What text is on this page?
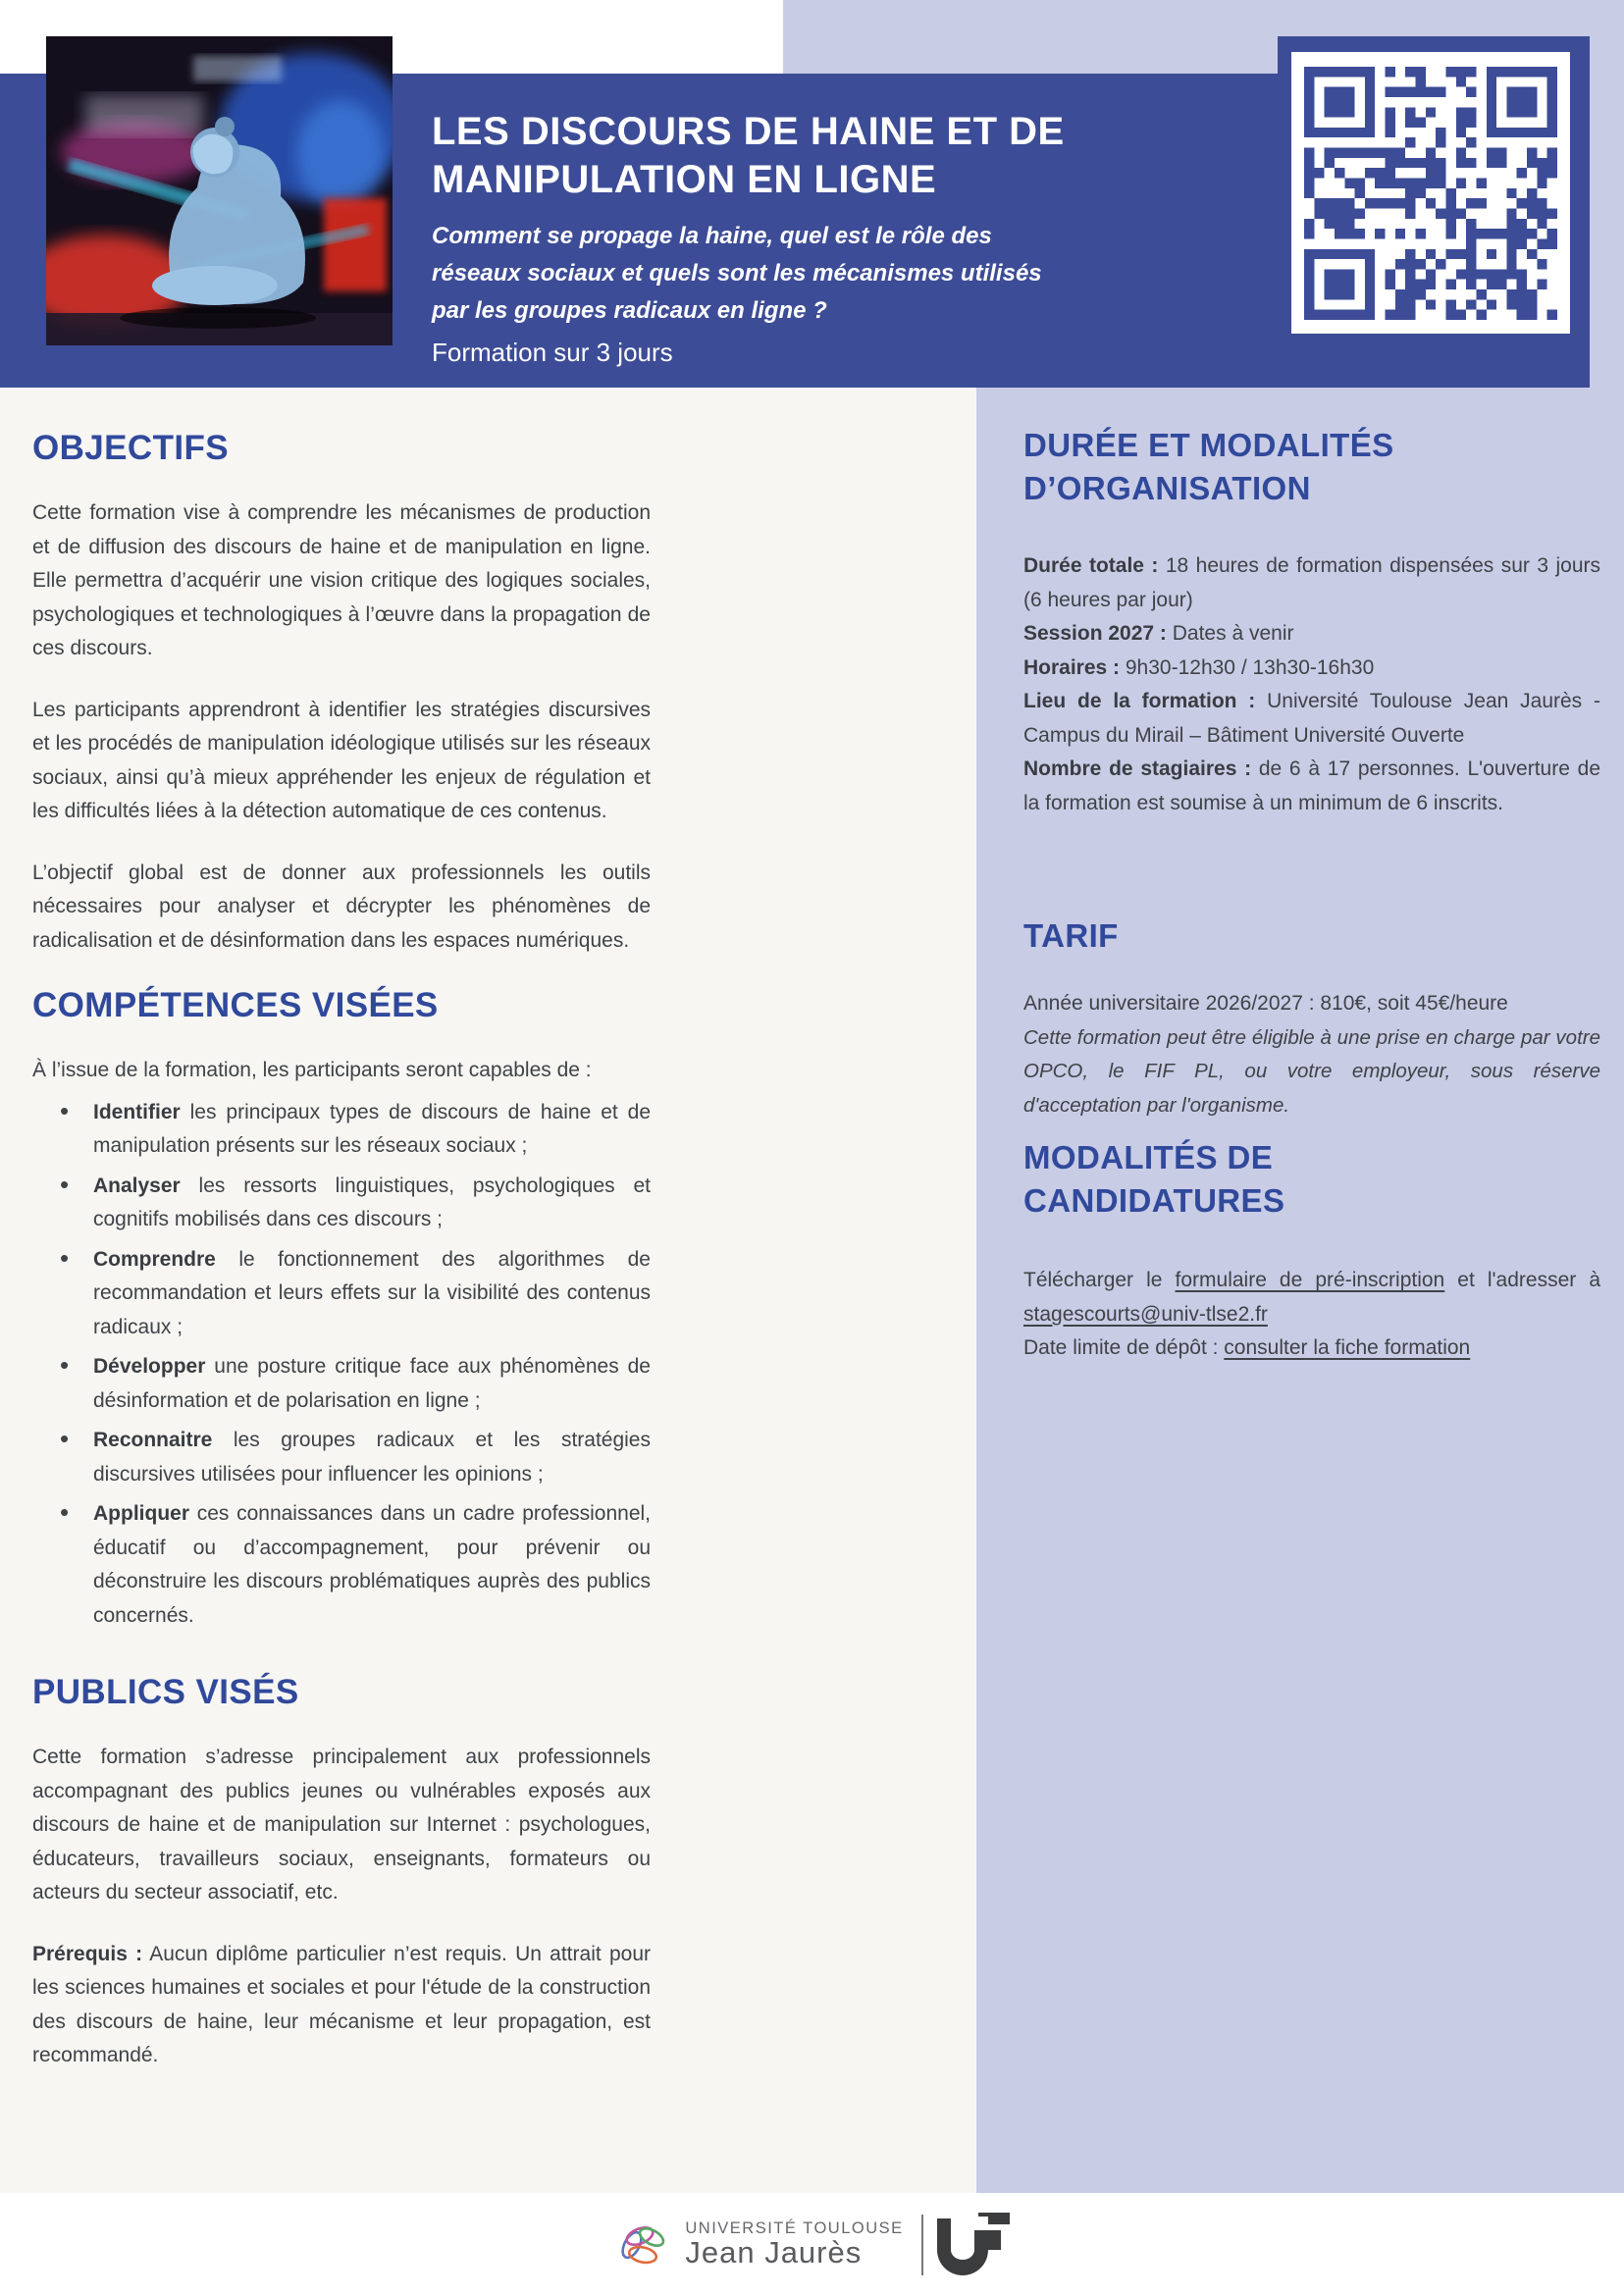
LES DISCOURS DE HAINE ET DE
MANIPULATION EN LIGNE
Comment se propage la haine, quel est le rôle des réseaux sociaux et quels sont les mécanismes utilisés par les groupes radicaux en ligne ?
Formation sur 3 jours
OBJECTIFS

Cette formation vise à comprendre les mécanismes de production et de diffusion des discours de haine et de manipulation en ligne. Elle permettra d’acquérir une vision critique des logiques sociales, psychologiques et technologiques à l’œuvre dans la propagation de ces discours.

Les participants apprendront à identifier les stratégies discursives et les procédés de manipulation idéologique utilisés sur les réseaux sociaux, ainsi qu’à mieux appréhender les enjeux de régulation et les difficultés liées à la détection automatique de ces contenus.

L’objectif global est de donner aux professionnels les outils nécessaires pour analyser et décrypter les phénomènes de radicalisation et de désinformation dans les espaces numériques.

COMPÉTENCES VISÉES

À l’issue de la formation, les participants seront capables de :

• Identifier les principaux types de discours de haine et de manipulation présents sur les réseaux sociaux ;
• Analyser les ressorts linguistiques, psychologiques et cognitifs mobilisés dans ces discours ;
• Comprendre le fonctionnement des algorithmes de recommandation et leurs effets sur la visibilité des contenus radicaux ;
• Développer une posture critique face aux phénomènes de désinformation et de polarisation en ligne ;
• Reconnaitre les groupes radicaux et les stratégies discursives utilisées pour influencer les opinions ;
• Appliquer ces connaissances dans un cadre professionnel, éducatif ou d’accompagnement, pour prévenir ou déconstruire les discours problématiques auprès des publics concernés.
PUBLICS VISÉS

Cette formation s’adresse principalement aux professionnels accompagnant des publics jeunes ou vulnérables exposés aux discours de haine et de manipulation sur Internet : psychologues, éducateurs, travailleurs sociaux, enseignants, formateurs ou acteurs du secteur associatif, etc.

Prérequis : Aucun diplôme particulier n’est requis. Un attrait pour les sciences humaines et sociales et pour l'étude de la construction des discours de haine, leur mécanisme et leur propagation, est recommandé.

DURÉE ET MODALITÉS
D’ORGANISATION

Durée totale : 18 heures de formation dispensées sur 3 jours (6 heures par jour)

Session 2027 : Dates à venir

Horaires : 9h30-12h30 / 13h30-16h30

Lieu de la formation : Université Toulouse Jean Jaurès - Campus du Mirail – Bâtiment Université Ouverte

Nombre de stagiaires : de 6 à 17 personnes. L'ouverture de la formation est soumise à un minimum de 6 inscrits.

TARIF

Année universitaire 2026/2027 : 810€, soit 45€/heure

Cette formation peut être éligible à une prise en charge par votre OPCO, le FIF PL, ou votre employeur, sous réserve d'acceptation par l'organisme.

MODALITÉS DE
CANDIDATURES

Télécharger le formulaire de pré-inscription et l'adresser à stagescourts@univ-tlse2.fr

Date limite de dépôt : consulter la fiche formation

UNIVERSITÉ TOULOUSE
Jean Jaurès
